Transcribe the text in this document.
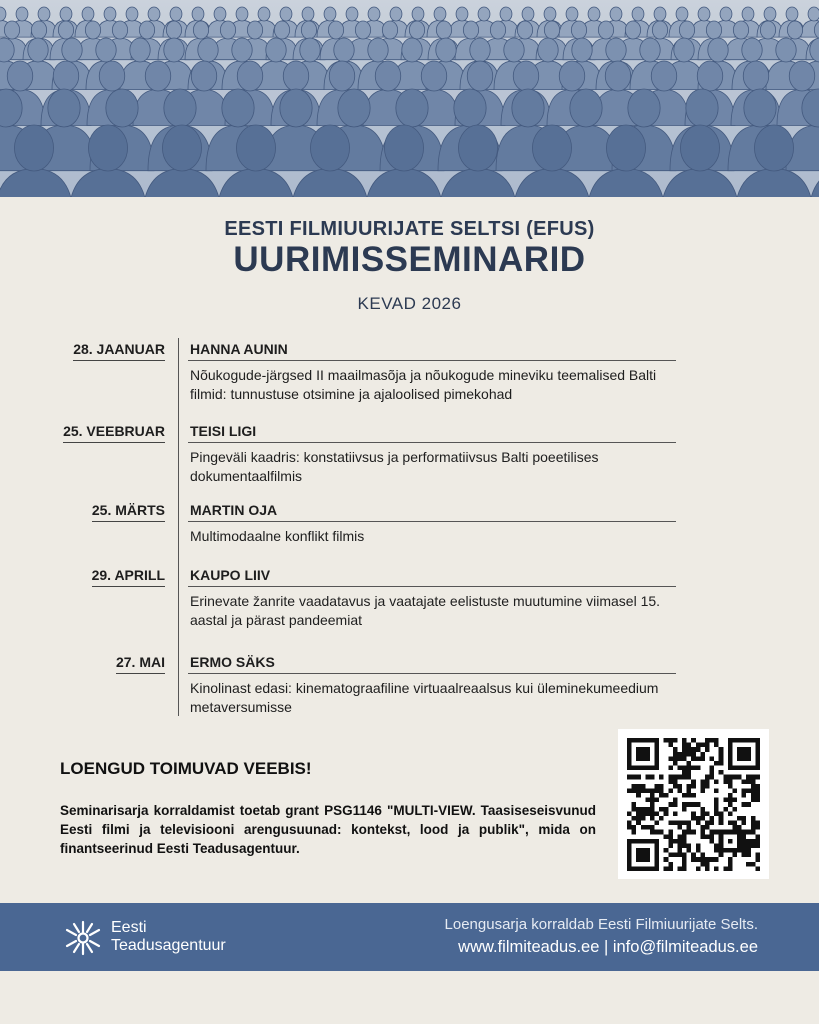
EESTI FILMIUURIJATE SELTSI (EFUS)
UURIMISSEMINARID
KEVAD 2026
28. JAANUAR HANNA AUNIN
Nõukogude-järgsed II maailmasõja ja nõukogude mineviku teemalised Balti filmid: tunnustuse otsimine ja ajaloolised pimekohad
25. VEEBRUAR TEISI LIGI
Pingeväli kaadris: konstatiivsus ja performatiivsus Balti poeetilises dokumentaalfilmis
25. MÄRTS MARTIN OJA
Multimodaalne konflikt filmis
29. APRILL KAUPO LIIV
Erinevate žanrite vaadatavus ja vaatajate eelistuste muutumine viimasel 15. aastal ja pärast pandeemiat
27. MAI ERMO SÄKS
Kinolinast edasi: kinematograafiline virtuaalreaalsus kui üleminekumeedium metaversumisse
LOENGUD TOIMUVAD VEEBIS!
Seminarisarja korraldamist toetab grant PSG1146 "MULTI-VIEW. Taasiseseisvunud Eesti filmi ja televisiooni arengusuunad: kontekst, lood ja publik", mida on finantseerinud Eesti Teadusagentuur.
Eesti
Teadusagentuur
Loengusarja korraldab Eesti Filmiuurijate Selts.
www.filmiteadus.ee | info@filmiteadus.ee
